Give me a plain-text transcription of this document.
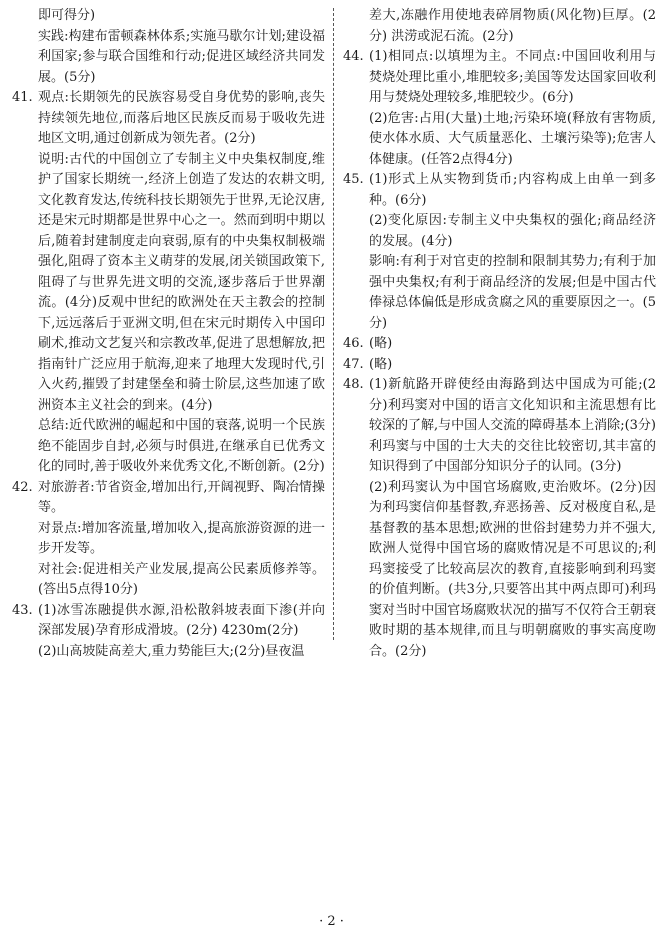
即可得分)

实践:构建布雷顿森林体系;实施马歇尔计划;建设福利国家;参与联合国维和行动;促进区域经济共同发展。(5分)

41. 观点:长期领先的民族容易受自身优势的影响,丧失持续领先地位,而落后地区民族反而易于吸收先进地区文明,通过创新成为领先者。(2分)

说明:古代的中国创立了专制主义中央集权制度,维护了国家长期统一,经济上创造了发达的农耕文明,文化教育发达,传统科技长期领先于世界,无论汉唐,还是宋元时期都是世界中心之一。然而到明中期以后,随着封建制度走向衰弱,原有的中央集权制极端强化,阻碍了资本主义萌芽的发展,闭关锁国政策下,阻碍了与世界先进文明的交流,逐步落后于世界潮流。(4分)反观中世纪的欧洲处在天主教会的控制下,远远落后于亚洲文明,但在宋元时期传入中国印刷术,推动文艺复兴和宗教改革,促进了思想解放,把指南针广泛应用于航海,迎来了地理大发现时代,引入火药,摧毁了封建堡垒和骑士阶层,这些加速了欧洲资本主义社会的到来。(4分)

总结:近代欧洲的崛起和中国的衰落,说明一个民族绝不能固步自封,必须与时俱进,在继承自已优秀文化的同时,善于吸收外来优秀文化,不断创新。(2分)

42. 对旅游者:节省资金,增加出行,开阔视野、陶冶情操等。

对景点:增加客流量,增加收入,提高旅游资源的进一步开发等。

对社会:促进相关产业发展,提高公民素质修养等。(答出5点得10分)

43. (1)冰雪冻融提供水源,沿松散斜坡表面下渗(并向深部发展)孕育形成滑坡。(2分) 4230m(2分)

(2)山高坡陡高差大,重力势能巨大;(2分)昼夜温

差大,冻融作用使地表碎屑物质(风化物)巨厚。(2分) 洪涝或泥石流。(2分)

44. (1)相同点:以填埋为主。不同点:中国回收利用与焚烧处理比重小,堆肥较多;美国等发达国家回收利用与焚烧处理较多,堆肥较少。(6分)

(2)危害:占用(大量)土地;污染环境(释放有害物质,使水体水质、大气质量恶化、土壤污染等);危害人体健康。(任答2点得4分)

45. (1)形式上从实物到货币;内容构成上由单一到多种。(6分)

(2)变化原因:专制主义中央集权的强化;商品经济的发展。(4分)

影响:有利于对官吏的控制和限制其势力;有利于加强中央集权;有利于商品经济的发展;但是中国古代俸禄总体偏低是形成贪腐之风的重要原因之一。(5分)

46. (略)

47. (略)

48. (1)新航路开辟使经由海路到达中国成为可能;(2分)利玛窦对中国的语言文化知识和主流思想有比较深的了解,与中国人交流的障碍基本上消除;(3分)利玛窦与中国的士大夫的交往比较密切,其丰富的知识得到了中国部分知识分子的认同。(3分)

(2)利玛窦认为中国官场腐败,吏治败坏。(2分)因为利玛窦信仰基督教,弃恶扬善、反对极度自私,是基督教的基本思想;欧洲的世俗封建势力并不强大,欧洲人觉得中国官场的腐败情况是不可思议的;利玛窦接受了比较高层次的教育,直接影响到利玛窦的价值判断。(共3分,只要答出其中两点即可)利玛窦对当时中国官场腐败状况的描写不仅符合王朝衰败时期的基本规律,而且与明朝腐败的事实高度吻合。(2分)

· 2 ·
